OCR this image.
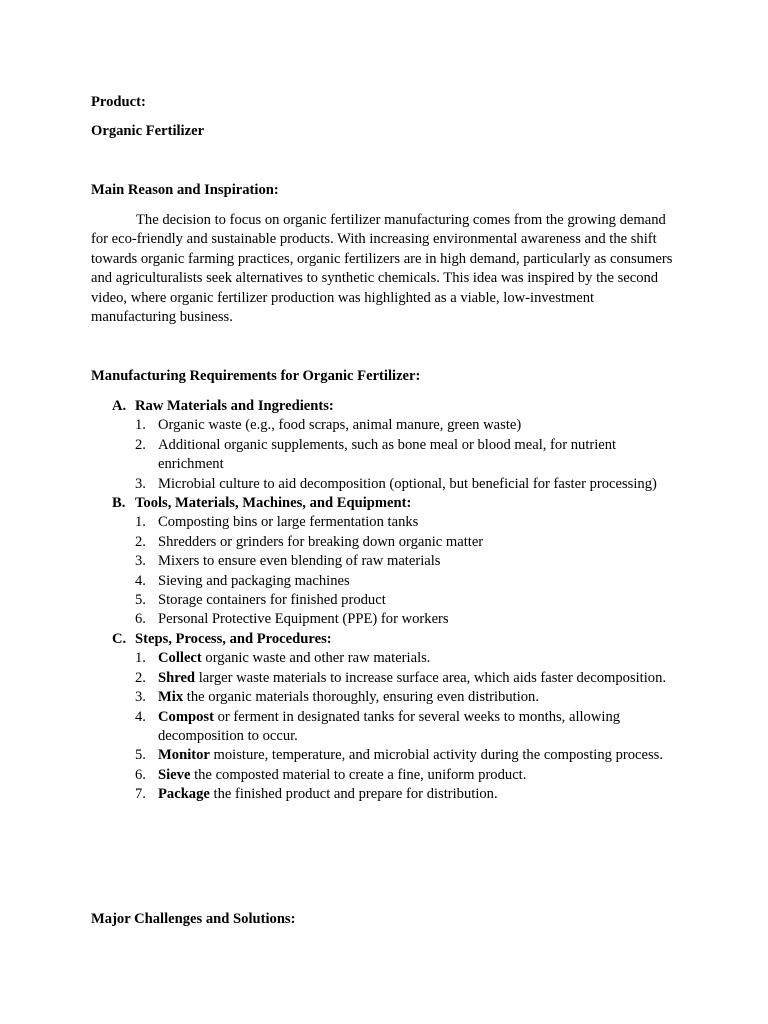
Product:

Organic Fertilizer

Main Reason and Inspiration:

The decision to focus on organic fertilizer manufacturing comes from the growing demand for eco-friendly and sustainable products. With increasing environmental awareness and the shift towards organic farming practices, organic fertilizers are in high demand, particularly as consumers and agriculturalists seek alternatives to synthetic chemicals. This idea was inspired by the second video, where organic fertilizer production was highlighted as a viable, low-investment manufacturing business.

Manufacturing Requirements for Organic Fertilizer:

A. Raw Materials and Ingredients:
1. Organic waste (e.g., food scraps, animal manure, green waste)
2. Additional organic supplements, such as bone meal or blood meal, for nutrient enrichment
3. Microbial culture to aid decomposition (optional, but beneficial for faster processing)
B. Tools, Materials, Machines, and Equipment:
1. Composting bins or large fermentation tanks
2. Shredders or grinders for breaking down organic matter
3. Mixers to ensure even blending of raw materials
4. Sieving and packaging machines
5. Storage containers for finished product
6. Personal Protective Equipment (PPE) for workers
C. Steps, Process, and Procedures:
1. Collect organic waste and other raw materials.
2. Shred larger waste materials to increase surface area, which aids faster decomposition.
3. Mix the organic materials thoroughly, ensuring even distribution.
4. Compost or ferment in designated tanks for several weeks to months, allowing decomposition to occur.
5. Monitor moisture, temperature, and microbial activity during the composting process.
6. Sieve the composted material to create a fine, uniform product.
7. Package the finished product and prepare for distribution.

Major Challenges and Solutions:
